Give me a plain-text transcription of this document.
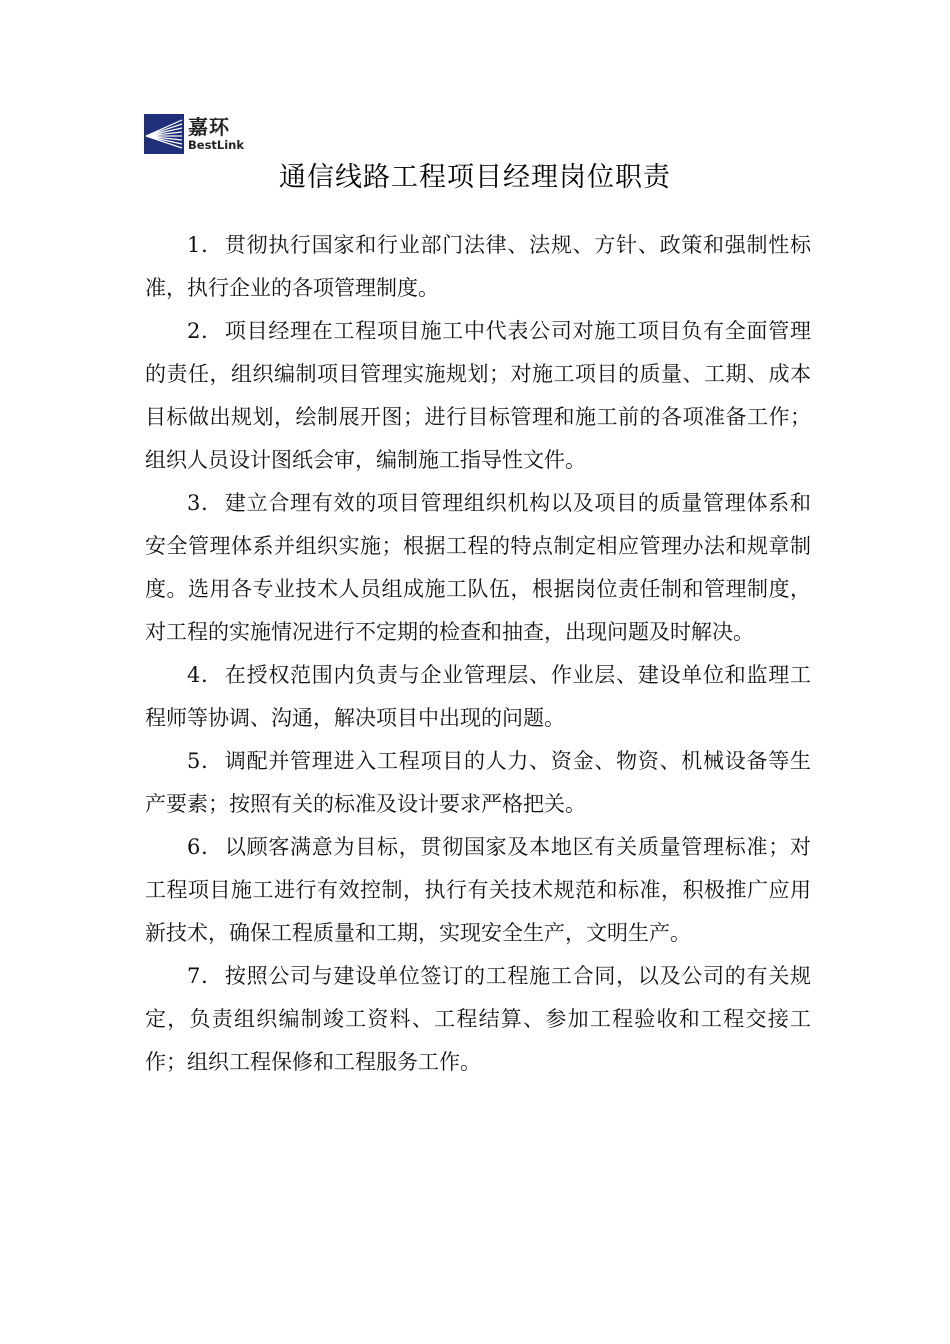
嘉环
BestLink
通信线路工程项目经理岗位职责

1．贯彻执行国家和行业部门法律、法规、方针、政策和强制性标准，执行企业的各项管理制度。

2．项目经理在工程项目施工中代表公司对施工项目负有全面管理的责任，组织编制项目管理实施规划；对施工项目的质量、工期、成本目标做出规划，绘制展开图；进行目标管理和施工前的各项准备工作；组织人员设计图纸会审，编制施工指导性文件。

3．建立合理有效的项目管理组织机构以及项目的质量管理体系和安全管理体系并组织实施；根据工程的特点制定相应管理办法和规章制度。选用各专业技术人员组成施工队伍，根据岗位责任制和管理制度，对工程的实施情况进行不定期的检查和抽查，出现问题及时解决。

4．在授权范围内负责与企业管理层、作业层、建设单位和监理工程师等协调、沟通，解决项目中出现的问题。

5．调配并管理进入工程项目的人力、资金、物资、机械设备等生产要素；按照有关的标准及设计要求严格把关。

6．以顾客满意为目标，贯彻国家及本地区有关质量管理标准；对工程项目施工进行有效控制，执行有关技术规范和标准，积极推广应用新技术，确保工程质量和工期，实现安全生产，文明生产。

7．按照公司与建设单位签订的工程施工合同，以及公司的有关规定，负责组织编制竣工资料、工程结算、参加工程验收和工程交接工作；组织工程保修和工程服务工作。
